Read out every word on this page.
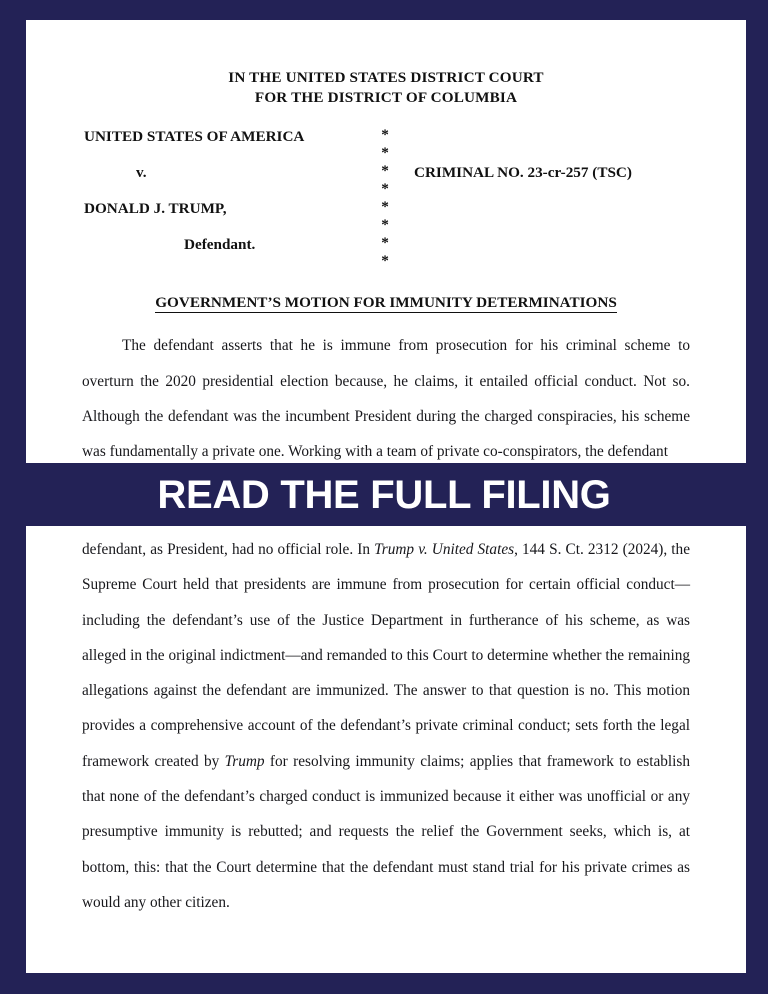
IN THE UNITED STATES DISTRICT COURT
FOR THE DISTRICT OF COLUMBIA
UNITED STATES OF AMERICA
v.
DONALD J. TRUMP,
Defendant.
*
*
*
*
*
*
*
*
CRIMINAL NO. 23-cr-257 (TSC)
GOVERNMENT’S MOTION FOR IMMUNITY DETERMINATIONS

The defendant asserts that he is immune from prosecution for his criminal scheme to overturn the 2020 presidential election because, he claims, it entailed official conduct. Not so. Although the defendant was the incumbent President during the charged conspiracies, his scheme was fundamentally a private one. Working with a team of private co-conspirators, the defendant

READ THE FULL FILING

defendant, as President, had no official role. In Trump v. United States, 144 S. Ct. 2312 (2024), the Supreme Court held that presidents are immune from prosecution for certain official conduct—including the defendant’s use of the Justice Department in furtherance of his scheme, as was alleged in the original indictment—and remanded to this Court to determine whether the remaining allegations against the defendant are immunized. The answer to that question is no. This motion provides a comprehensive account of the defendant’s private criminal conduct; sets forth the legal framework created by Trump for resolving immunity claims; applies that framework to establish that none of the defendant’s charged conduct is immunized because it either was unofficial or any presumptive immunity is rebutted; and requests the relief the Government seeks, which is, at bottom, this: that the Court determine that the defendant must stand trial for his private crimes as would any other citizen.
